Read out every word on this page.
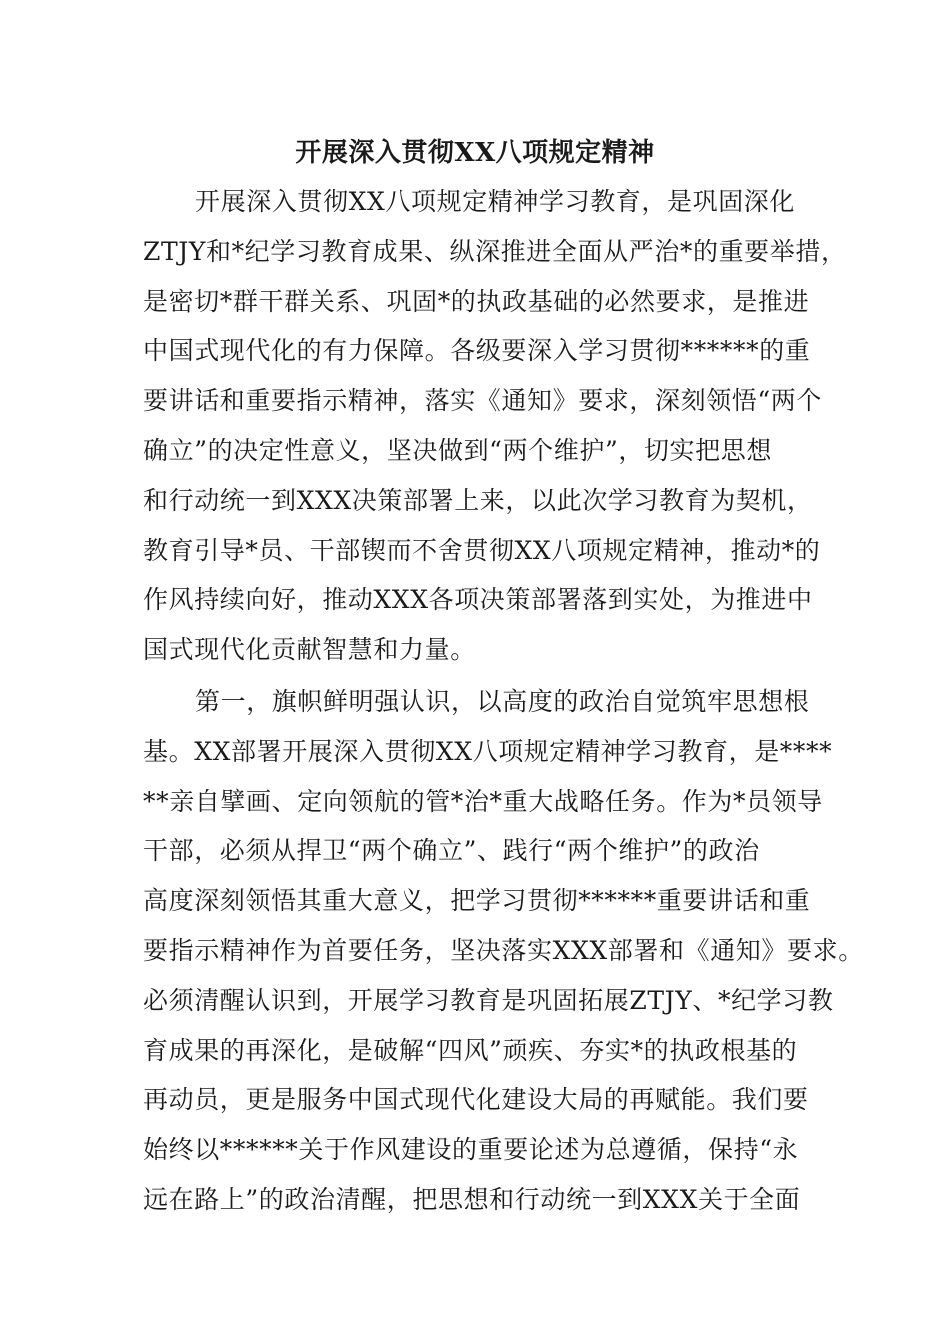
开展深入贯彻XX八项规定精神
开展深入贯彻XX八项规定精神学习教育，是巩固深化
ZTJY和*纪学习教育成果、纵深推进全面从严治*的重要举措，
是密切*群干群关系、巩固*的执政基础的必然要求，是推进
中国式现代化的有力保障。各级要深入学习贯彻******的重
要讲话和重要指示精神，落实《通知》要求，深刻领悟“两个
确立”的决定性意义，坚决做到“两个维护”，切实把思想
和行动统一到XXX决策部署上来，以此次学习教育为契机，
教育引导*员、干部锲而不舍贯彻XX八项规定精神，推动*的
作风持续向好，推动XXX各项决策部署落到实处，为推进中
国式现代化贡献智慧和力量。
第一，旗帜鲜明强认识，以高度的政治自觉筑牢思想根
基。XX部署开展深入贯彻XX八项规定精神学习教育，是****
**亲自擘画、定向领航的管*治*重大战略任务。作为*员领导
干部，必须从捍卫“两个确立”、践行“两个维护”的政治
高度深刻领悟其重大意义，把学习贯彻******重要讲话和重
要指示精神作为首要任务，坚决落实XXX部署和《通知》要求。
必须清醒认识到，开展学习教育是巩固拓展ZTJY、*纪学习教
育成果的再深化，是破解“四风”顽疾、夯实*的执政根基的
再动员，更是服务中国式现代化建设大局的再赋能。我们要
始终以******关于作风建设的重要论述为总遵循，保持“永
远在路上”的政治清醒，把思想和行动统一到XXX关于全面
